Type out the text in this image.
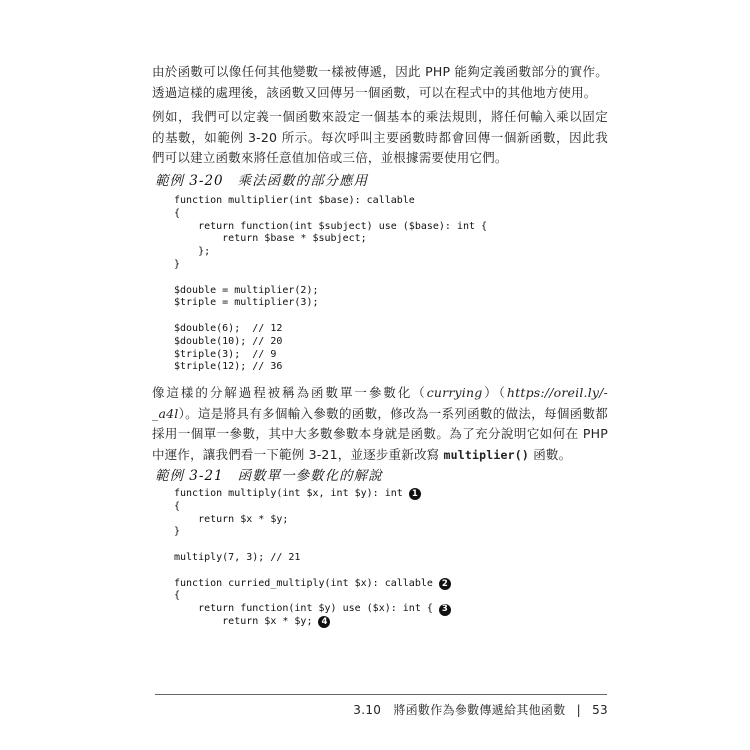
由於函數可以像任何其他變數一樣被傳遞，因此 PHP 能夠定義函數部分的實作。透過這樣的處理後，該函數又回傳另一個函數，可以在程式中的其他地方使用。

例如，我們可以定義一個函數來設定一個基本的乘法規則，將任何輸入乘以固定的基數，如範例 3-20 所示。每次呼叫主要函數時都會回傳一個新函數，因此我們可以建立函數來將任意值加倍或三倍，並根據需要使用它們。

範例 3-20 乘法函數的部分應用
function multiplier(int $base): callable
{
return function(int $subject) use ($base): int {
return $base * $subject;
};
}
$double = multiplier(2);
$triple = multiplier(3);
$double(6);  // 12
$double(10); // 20
$triple(3);  // 9
$triple(12); // 36

像這樣的分解過程被稱為函數單一參數化（currying）（https://oreil.ly/-_a4l）。這是將具有多個輸入參數的函數，修改為一系列函數的做法，每個函數都採用一個單一參數，其中大多數參數本身就是函數。為了充分說明它如何在 PHP 中運作，讓我們看一下範例 3-21，並逐步重新改寫 multiplier() 函數。

範例 3-21 函數單一參數化的解說
function multiply(int $x, int $y): int	1
{
return $x * $y;
}
multiply(7, 3); // 21
function curried_multiply(int $x): callable	2
{
return function(int $y) use ($x): int {	3
return $x * $y;	4
3.10 將函數作為參數傳遞給其他函數 | 53
